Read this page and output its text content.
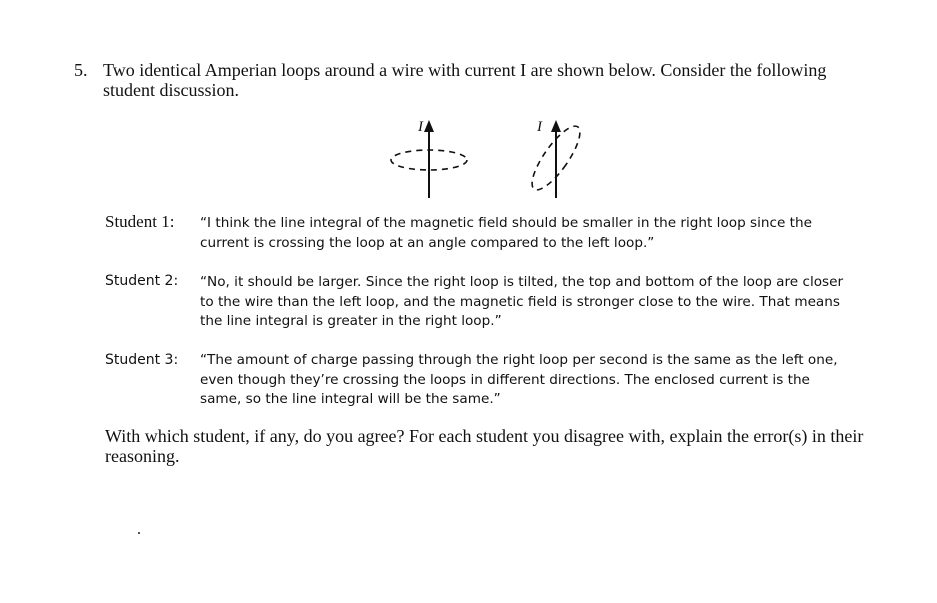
5. Two identical Amperian loops around a wire with current I are shown below. Consider the following student discussion.
I	I
Student 1: “I think the line integral of the magnetic field should be smaller in the right loop since the current is crossing the loop at an angle compared to the left loop.”
Student 2: “No, it should be larger. Since the right loop is tilted, the top and bottom of the loop are closer to the wire than the left loop, and the magnetic field is stronger close to the wire. That means the line integral is greater in the right loop.”
Student 3: “The amount of charge passing through the right loop per second is the same as the left one, even though they’re crossing the loops in different directions. The enclosed current is the same, so the line integral will be the same.”
With which student, if any, do you agree? For each student you disagree with, explain the error(s) in their reasoning.
